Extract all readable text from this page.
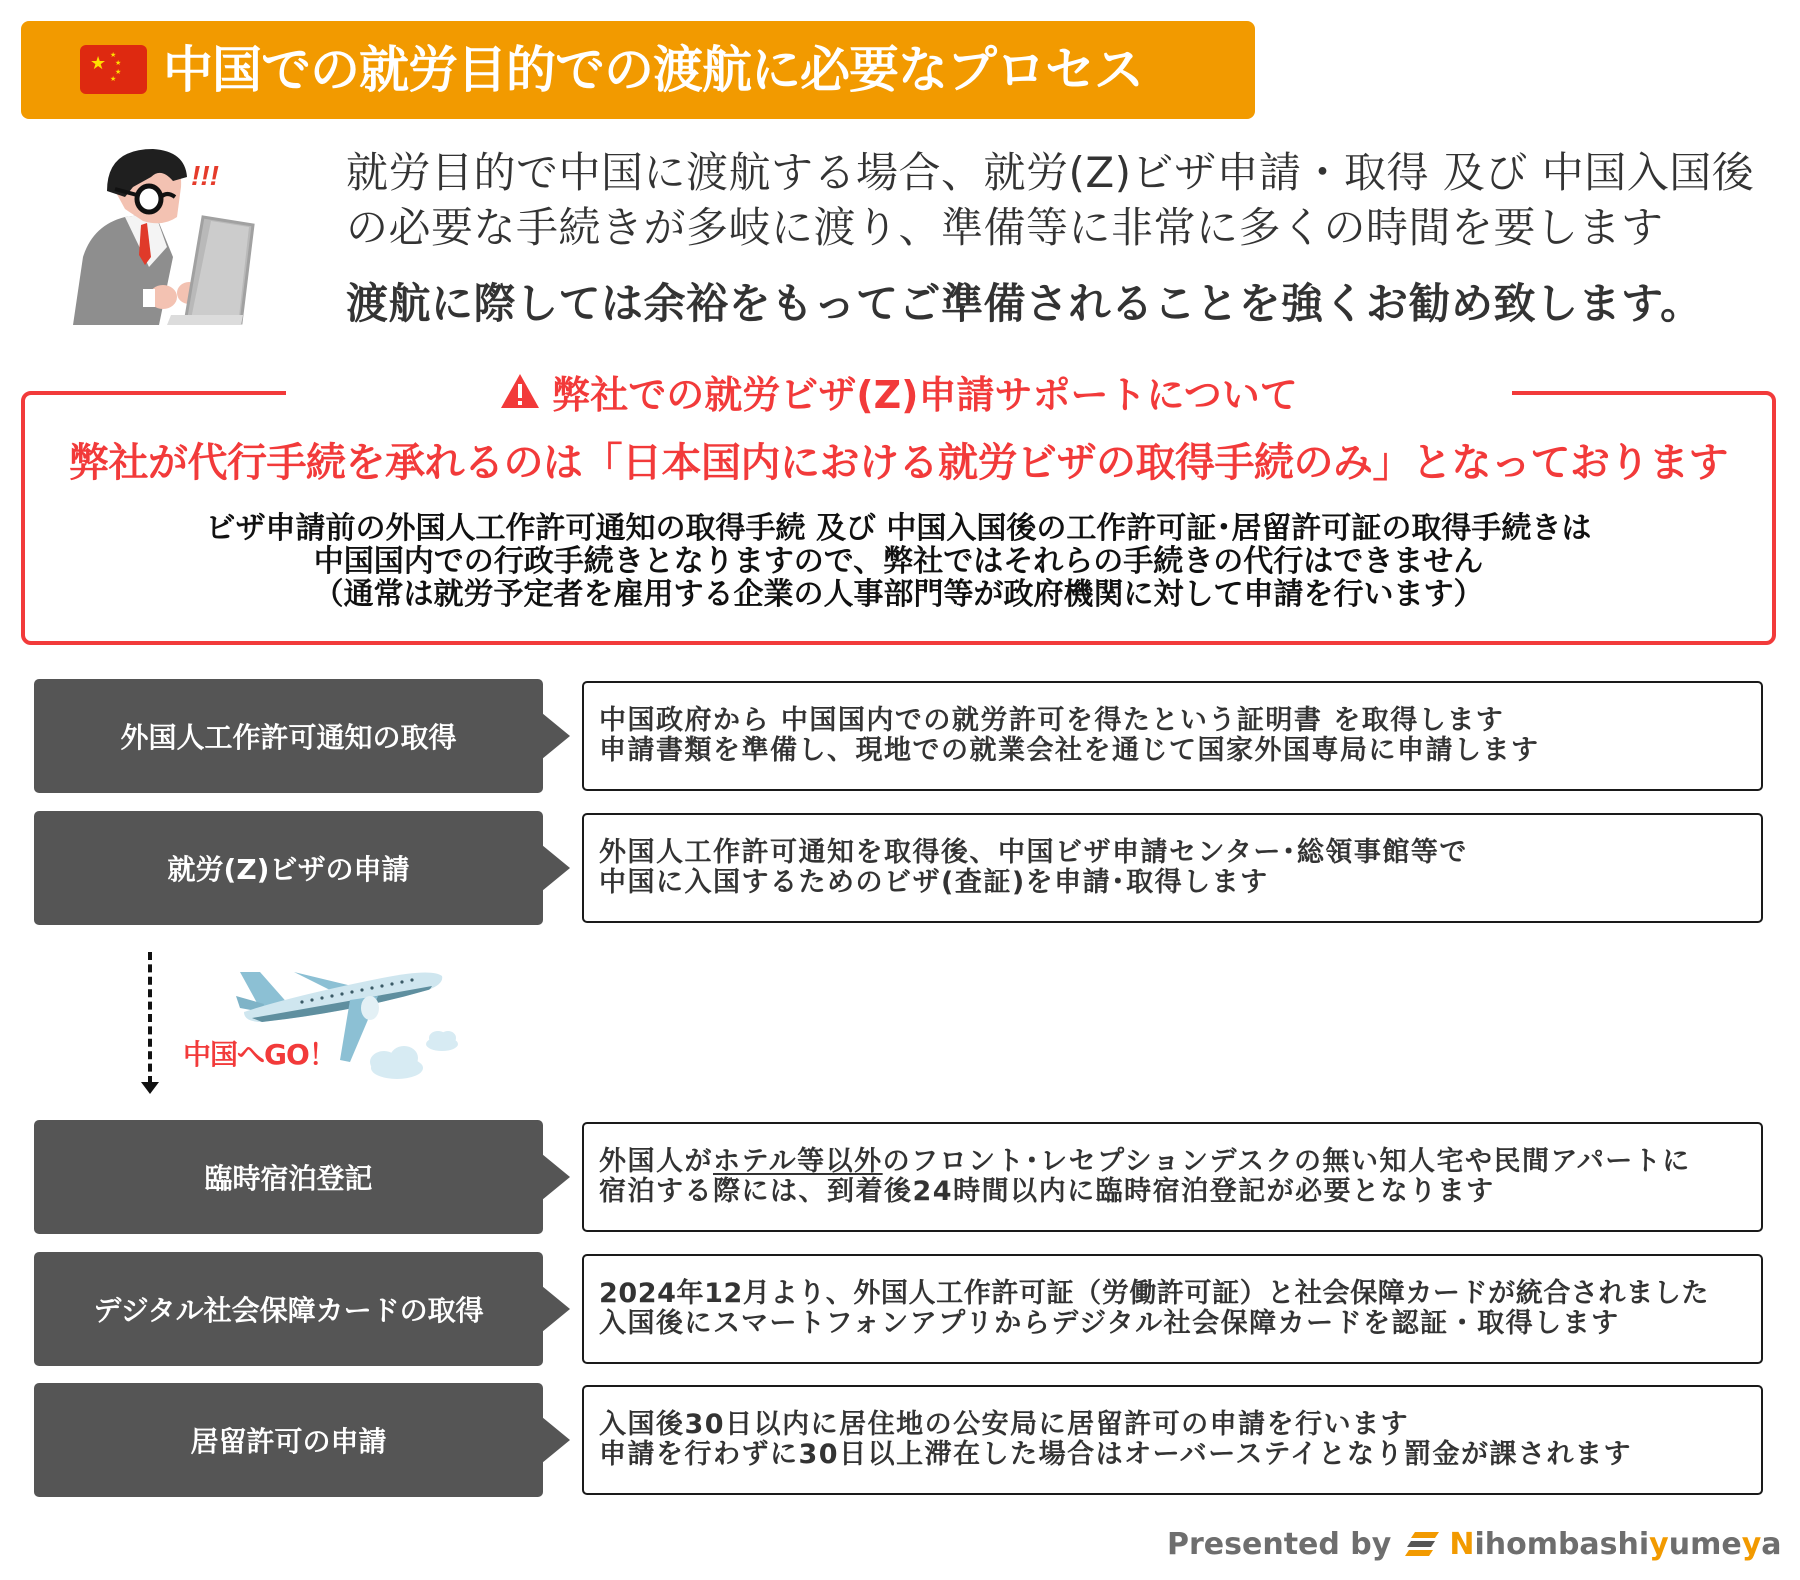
★ ★
★
★
★ 中国での就労目的での渡航に必要なプロセス
!!!	就労目的で中国に渡航する場合、就労(Z)ビザ申請・取得 及び 中国入国後
の必要な手続きが多岐に渡り、準備等に非常に多くの時間を要します
渡航に際しては余裕をもってご準備されることを強くお勧め致します。
弊社での就労ビザ(Z)申請サポートについて
弊社が代行手続を承れるのは「日本国内における就労ビザの取得手続のみ」となっております
ビザ申請前の外国人工作許可通知の取得手続 及び 中国入国後の工作許可証･居留許可証の取得手続きは
中国国内での行政手続きとなりますので、弊社ではそれらの手続きの代行はできません
（通常は就労予定者を雇用する企業の人事部門等が政府機関に対して申請を行います）
外国人工作許可通知の取得
中国政府から 中国国内での就労許可を得たという証明書 を取得します
申請書類を準備し、現地での就業会社を通じて国家外国専局に申請します
就労(Z)ビザの申請
外国人工作許可通知を取得後、中国ビザ申請センター･総領事館等で
中国に入国するためのビザ(査証)を申請･取得します
中国へGO！
臨時宿泊登記
外国人がホテル等以外のフロント･レセプションデスクの無い知人宅や民間アパートに
宿泊する際には、到着後24時間以内に臨時宿泊登記が必要となります
デジタル社会保障カードの取得
2024年12月より、外国人工作許可証（労働許可証）と社会保障カードが統合されました
入国後にスマートフォンアプリからデジタル社会保障カードを認証・取得します
居留許可の申請
入国後30日以内に居住地の公安局に居留許可の申請を行います
申請を行わずに30日以上滞在した場合はオーバーステイとなり罰金が課されます
Presented by Nihombashiyumeya
